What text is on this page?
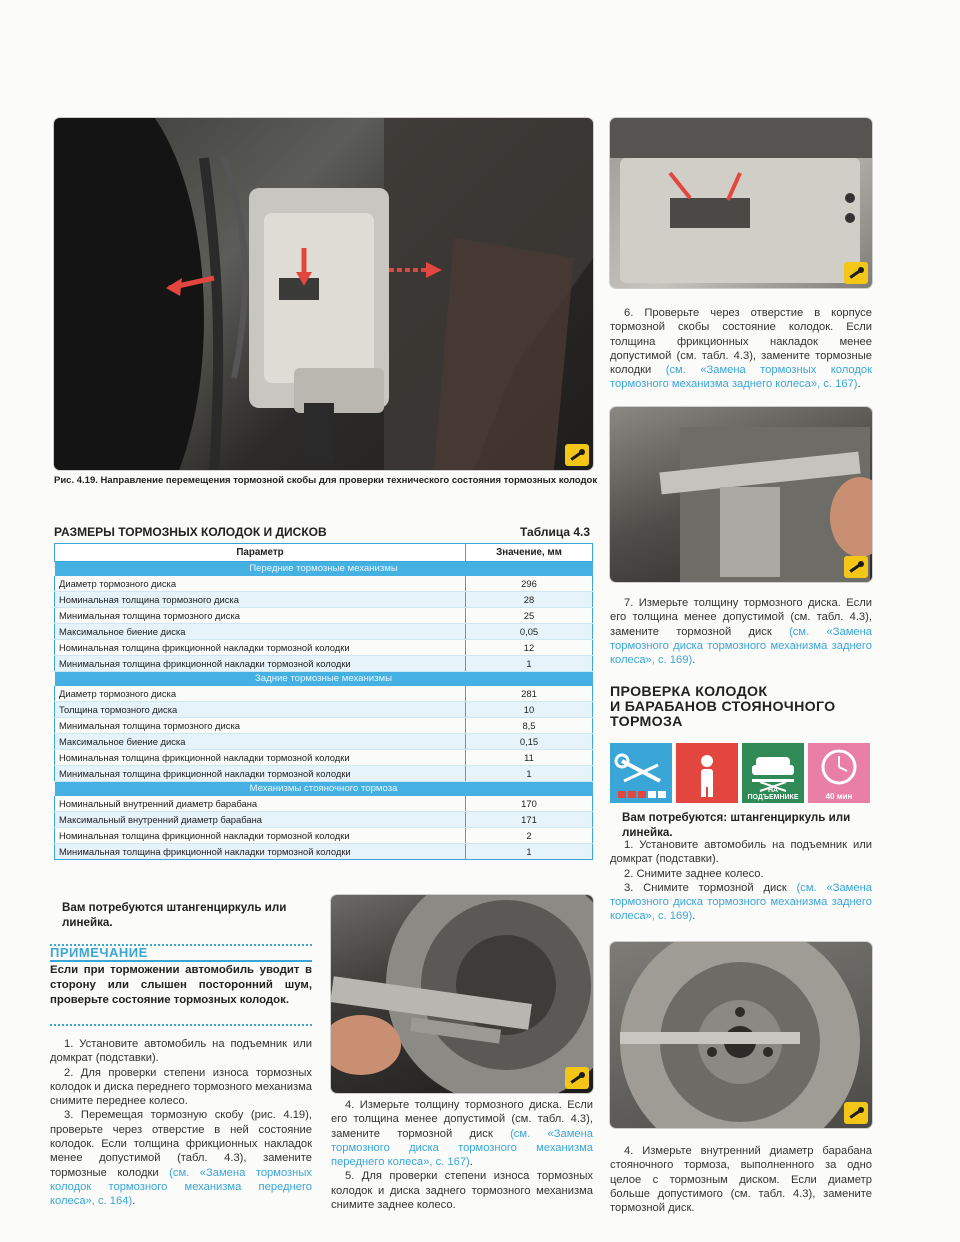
Рис. 4.19. Направление перемещения тормозной скобы для проверки технического состояния тормозных колодок
РАЗМЕРЫ ТОРМОЗНЫХ КОЛОДОК И ДИСКОВ	Таблица 4.3
Параметр	Значение, мм
Передние тормозные механизмы	
Диаметр тормозного диска	296
Номинальная толщина тормозного диска	28
Минимальная толщина тормозного диска	25
Максимальное биение диска	0,05
Номинальная толщина фрикционной накладки тормозной колодки	12
Минимальная толщина фрикционной накладки тормозной колодки	1
Задние тормозные механизмы	
Диаметр тормозного диска	281
Толщина тормозного диска	10
Минимальная толщина тормозного диска	8,5
Максимальное биение диска	0,15
Номинальная толщина фрикционной накладки тормозной колодки	11
Минимальная толщина фрикционной накладки тормозной колодки	1
Механизмы стояночного тормоза	
Номинальный внутренний диаметр барабана	170
Максимальный внутренний диаметр барабана	171
Номинальная толщина фрикционной накладки тормозной колодки	2
Минимальная толщина фрикционной накладки тормозной колодки	1
Вам потребуются штангенциркуль или линейка.
ПРИМЕЧАНИЕ
Если при торможении автомобиль уводит в сторону или слышен посторонний шум, проверьте состояние тормозных колодок.

1. Установите автомобиль на подъемник или домкрат (подставки).

2. Для проверки степени износа тормозных колодок и диска переднего тормозного механизма снимите переднее колесо.

3. Перемещая тормозную скобу (рис. 4.19), проверьте через отверстие в ней состояние колодок. Если толщина фрикционных накладок менее допустимой (табл. 4.3), замените тормозные колодки (см. «Замена тормозных колодок тормозного механизма переднего колеса», с. 164).

4. Измерьте толщину тормозного диска. Если его толщина менее допустимой (см. табл. 4.3), замените тормозной диск (см. «Замена тормозного диска тормозного механизма переднего колеса», с. 167).

5. Для проверки степени износа тормозных колодок и диска заднего тормозного механизма снимите заднее колесо.

6. Проверьте через отверстие в корпусе тормозной скобы состояние колодок. Если толщина фрикционных накладок менее допустимой (см. табл. 4.3), замените тормозные колодки (см. «Замена тормозных колодок тормозного механизма заднего колеса», с. 167).

7. Измерьте толщину тормозного диска. Если его толщина менее допустимой (см. табл. 4.3), замените тормозной диск (см. «Замена тормозного диска тормозного механизма заднего колеса», с. 169).

ПРОВЕРКА КОЛОДОК
И БАРАБАНОВ СТОЯНОЧНОГО
ТОРМОЗА
НА ПОДЪЕМНИКЕ	40 мин
Вам потребуются: штангенциркуль или линейка.

1. Установите автомобиль на подъемник или домкрат (подставки).

2. Снимите заднее колесо.

3. Снимите тормозной диск (см. «Замена тормозного диска тормозного механизма заднего колеса», с. 169).

4. Измерьте внутренний диаметр барабана стояночного тормоза, выполненного за одно целое с тормозным диском. Если диаметр больше допустимого (см. табл. 4.3), замените тормозной диск.
